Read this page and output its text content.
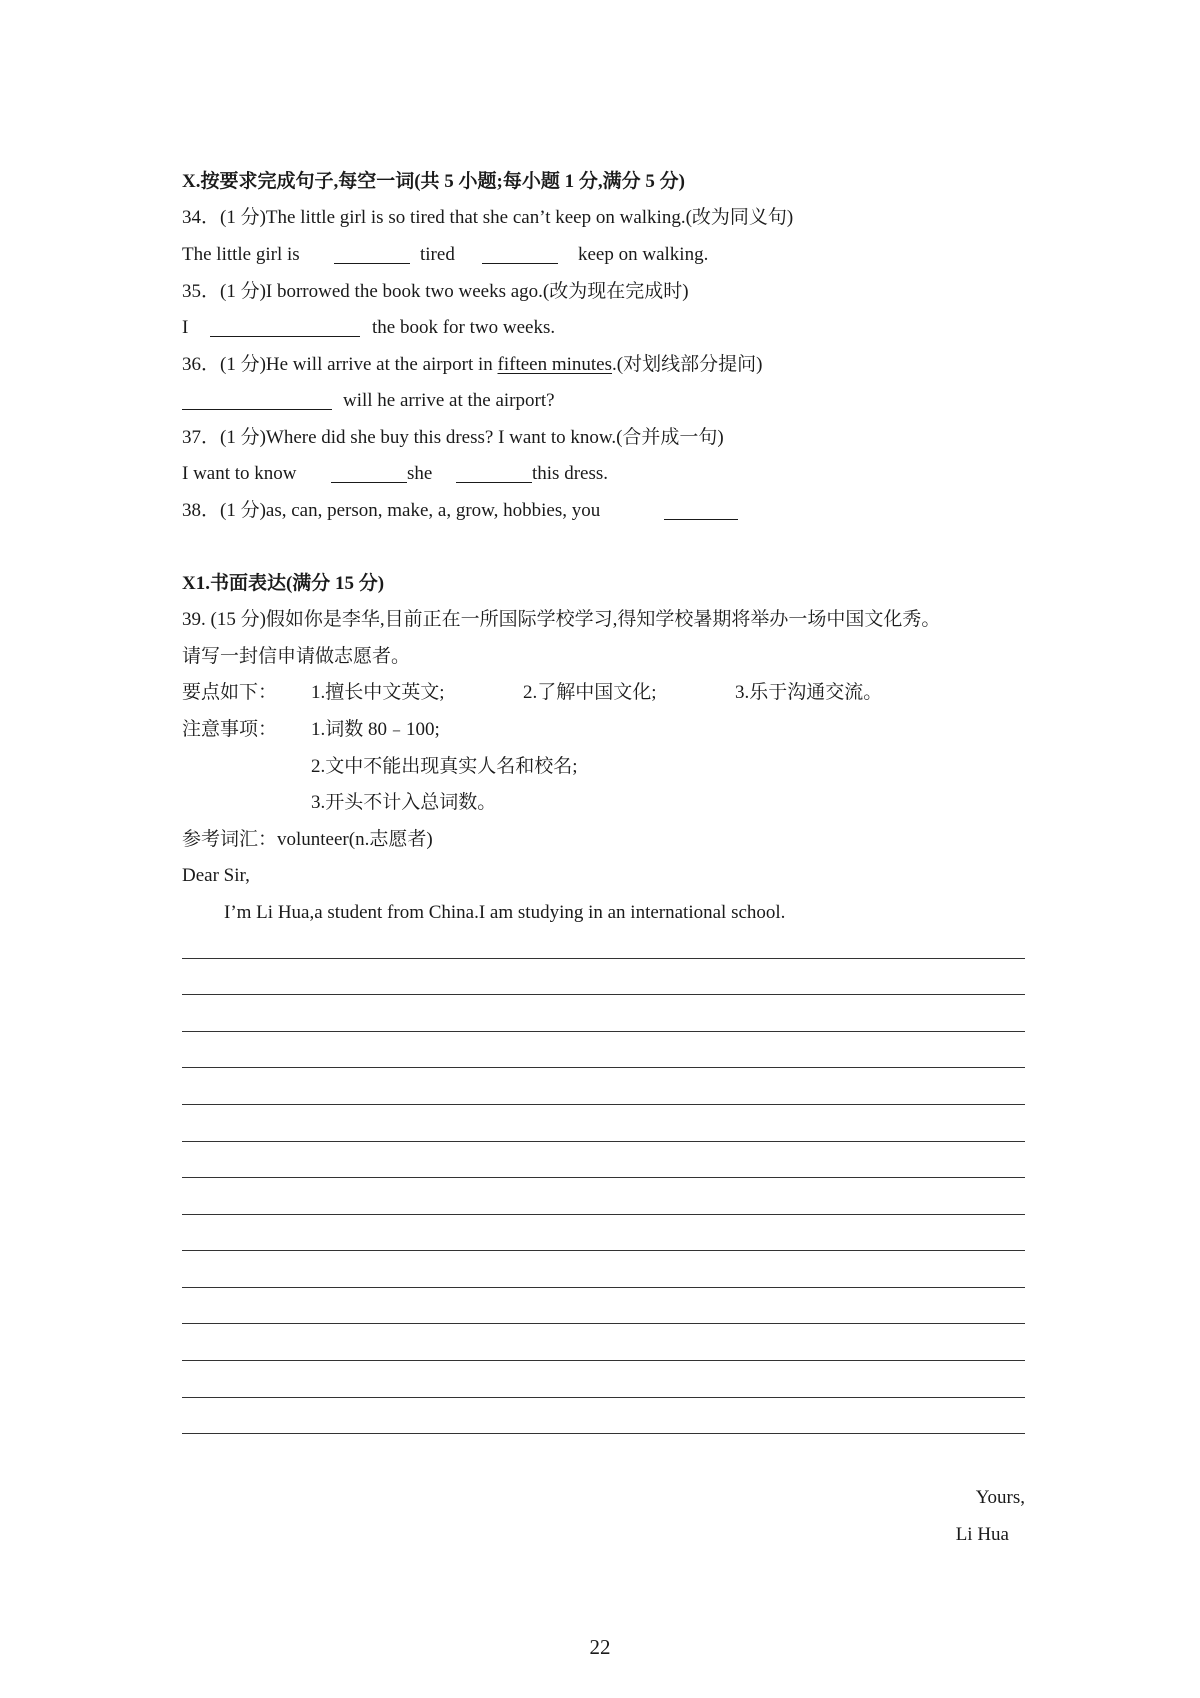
X.按要求完成句子,每空一词(共 5 小题;每小题 1 分,满分 5 分)
34．(1 分)The little girl is so tired that she can’t keep on walking.(改为同义句)
The little girl is	tired	keep on walking.
35．(1 分)I borrowed the book two weeks ago.(改为现在完成时)
I	the book for two weeks.
36．(1 分)He will arrive at the airport in fifteen minutes.(对划线部分提问)
will he arrive at the airport?
37．(1 分)Where did she buy this dress? I want to know.(合并成一句)
I want to know	she	this dress.
38．(1 分)as, can, person, make, a, grow, hobbies, you
X1.书面表达(满分 15 分)
39. (15 分)假如你是李华,目前正在一所国际学校学习,得知学校暑期将举办一场中国文化秀。
请写一封信申请做志愿者。
要点如下： 1.擅长中文英文;	2.了解中国文化;	3.乐于沟通交流。
注意事项： 1.词数 80﹣100;
2.文中不能出现真实人名和校名;
3.开头不计入总词数。
参考词汇：volunteer(n.志愿者)
Dear Sir,
I’m Li Hua,a student from China.I am studying in an international school.
Yours,
Li Hua
22
